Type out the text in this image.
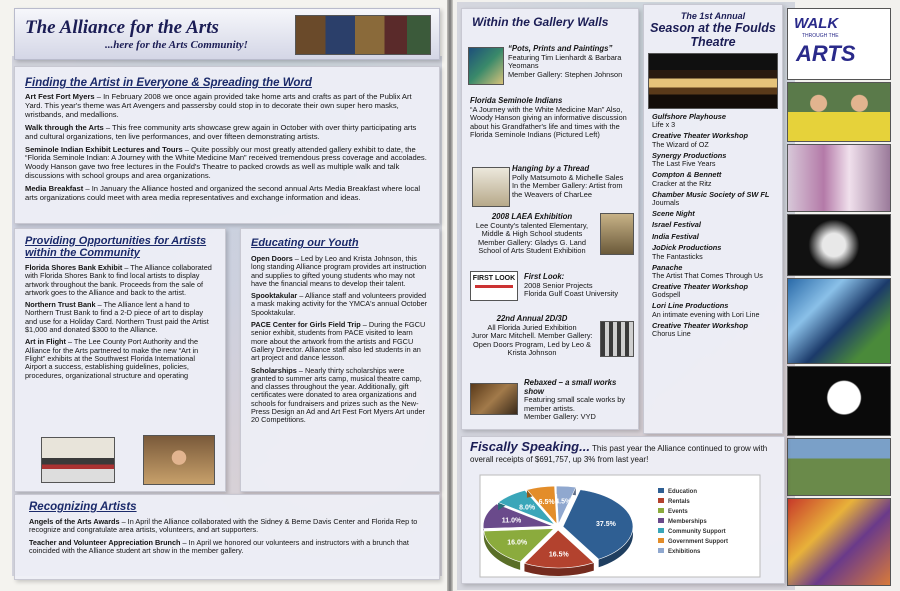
The Alliance for the Arts
...here for the Arts Community!
Finding the Artist in Everyone & Spreading the Word

Art Fest Fort Myers – In February 2008 we once again provided take home arts and crafts as part of the Publix Art Yard. This year's theme was Art Avengers and passersby could stop in to decorate their own super hero masks, wristbands, and medallions.

Walk through the Arts – This free community arts showcase grew again in October with over thirty participating arts and cultural organizations, ten live performances, and over fifteen demonstrating artists.

Seminole Indian Exhibit Lectures and Tours – Quite possibly our most greatly attended gallery exhibit to date, the “Florida Seminole Indian: A Journey with the White Medicine Man” received tremendous press coverage and accolades. Woody Hanson gave two free lectures in the Fould's Theatre to packed crowds as well as multiple walk and talk discussions with school groups and area organizations.

Media Breakfast – In January the Alliance hosted and organized the second annual Arts Media Breakfast where local arts organizations could meet with area media representatives and exchange information and ideas.

Providing Opportunities for Artists within the Community

Florida Shores Bank Exhibit – The Alliance collaborated with Florida Shores Bank to find local artists to display artwork throughout the bank. Proceeds from the sale of artwork goes to the Alliance and back to the artist.

Northern Trust Bank – The Alliance lent a hand to Northern Trust Bank to find a 2-D piece of art to display and use for a Holiday Card. Northern Trust paid the Artist $1,000 and donated $300 to the Alliance.

Art in Flight – The Lee County Port Authority and the Alliance for the Arts partnered to make the new “Art in Flight” exhibits at the Southwest Florida International Airport a success, establishing guidelines, policies, procedures, organizational structure and operating

Educating our Youth

Open Doors – Led by Leo and Krista Johnson, this long standing Alliance program provides art instruction and supplies to gifted young students who may not have the financial means to develop their talent.

Spooktakular – Alliance staff and volunteers provided a mask making activity for the YMCA's annual October Spooktakular.

PACE Center for Girls Field Trip – During the FGCU senior exhibit, students from PACE visited to learn more about the artwork from the artists and FGCU Gallery Director. Alliance staff also led students in an art project and dance lesson.

Scholarships – Nearly thirty scholarships were granted to summer arts camp, musical theatre camp, and classes throughout the year. Additionally, gift certificates were donated to area organizations and schools for fundraisers and prizes such as the New-Press Design an Ad and Art Fest Fort Myers Art under 20 Competitions.

Recognizing Artists

Angels of the Arts Awards – In April the Alliance collaborated with the Sidney & Berne Davis Center and Florida Rep to recognize and congratulate area artists, volunteers, and art supporters.

Teacher and Volunteer Appreciation Brunch – In April we honored our volunteers and instructors with a brunch that coincided with the Alliance student art show in the member gallery.

Within the Gallery Walls
“Pots, Prints and Paintings”
Featuring Tim Lienhardt & Barbara Yeomans
Member Gallery: Stephen Johnson
Florida Seminole Indians
“A Journey with the White Medicine Man” Also, Woody Hanson giving an informative discussion about his Grandfather's life and times with the Florida Seminole Indians (Pictured Left)
Hanging by a Thread
Polly Matsumoto & Michelle Sales
In the Member Gallery: Artist from the Weavers of CharLee
2008 LAEA Exhibition
Lee County's talented Elementary, Middle & High School students
Member Gallery: Gladys G. Land School of Arts Student Exhibition
FIRST LOOK First Look:
2008 Senior Projects
Florida Gulf Coast University
22nd Annual 2D/3D
All Florida Juried Exhibition
Juror Marc Mitchell. Member Gallery: Open Doors Program, Led by Leo & Krista Johnson
Rebaxed – a small works show
Featuring small scale works by member artists.
Member Gallery: VYD
The 1st Annual
Season at the Foulds Theatre
Gulfshore Playhouse
Life x 3
Creative Theater Workshop
The Wizard of OZ
Synergy Productions
The Last Five Years
Compton & Bennett
Cracker at the Ritz
Chamber Music Society of SW FL
Journals
Scene Night
Israel Festival
India Festival
JoDick Productions
The Fantasticks
Panache
The Artist That Comes Through Us
Creative Theater Workshop
Godspell
Lori Line Productions
An intimate evening with Lori Line
Creative Theater Workshop
Chorus Line
WALK
THROUGH THE
ARTS

Fiscally Speaking... This past year the Alliance continued to grow with overall receipts of $691,757, up 3% from last year!

37.5%
16.5%
16.0%
11.0%
8.0%
6.5% 4.5%
Education
Rentals
Events
Memberships
Community Support
Government Support
Exhibitions
